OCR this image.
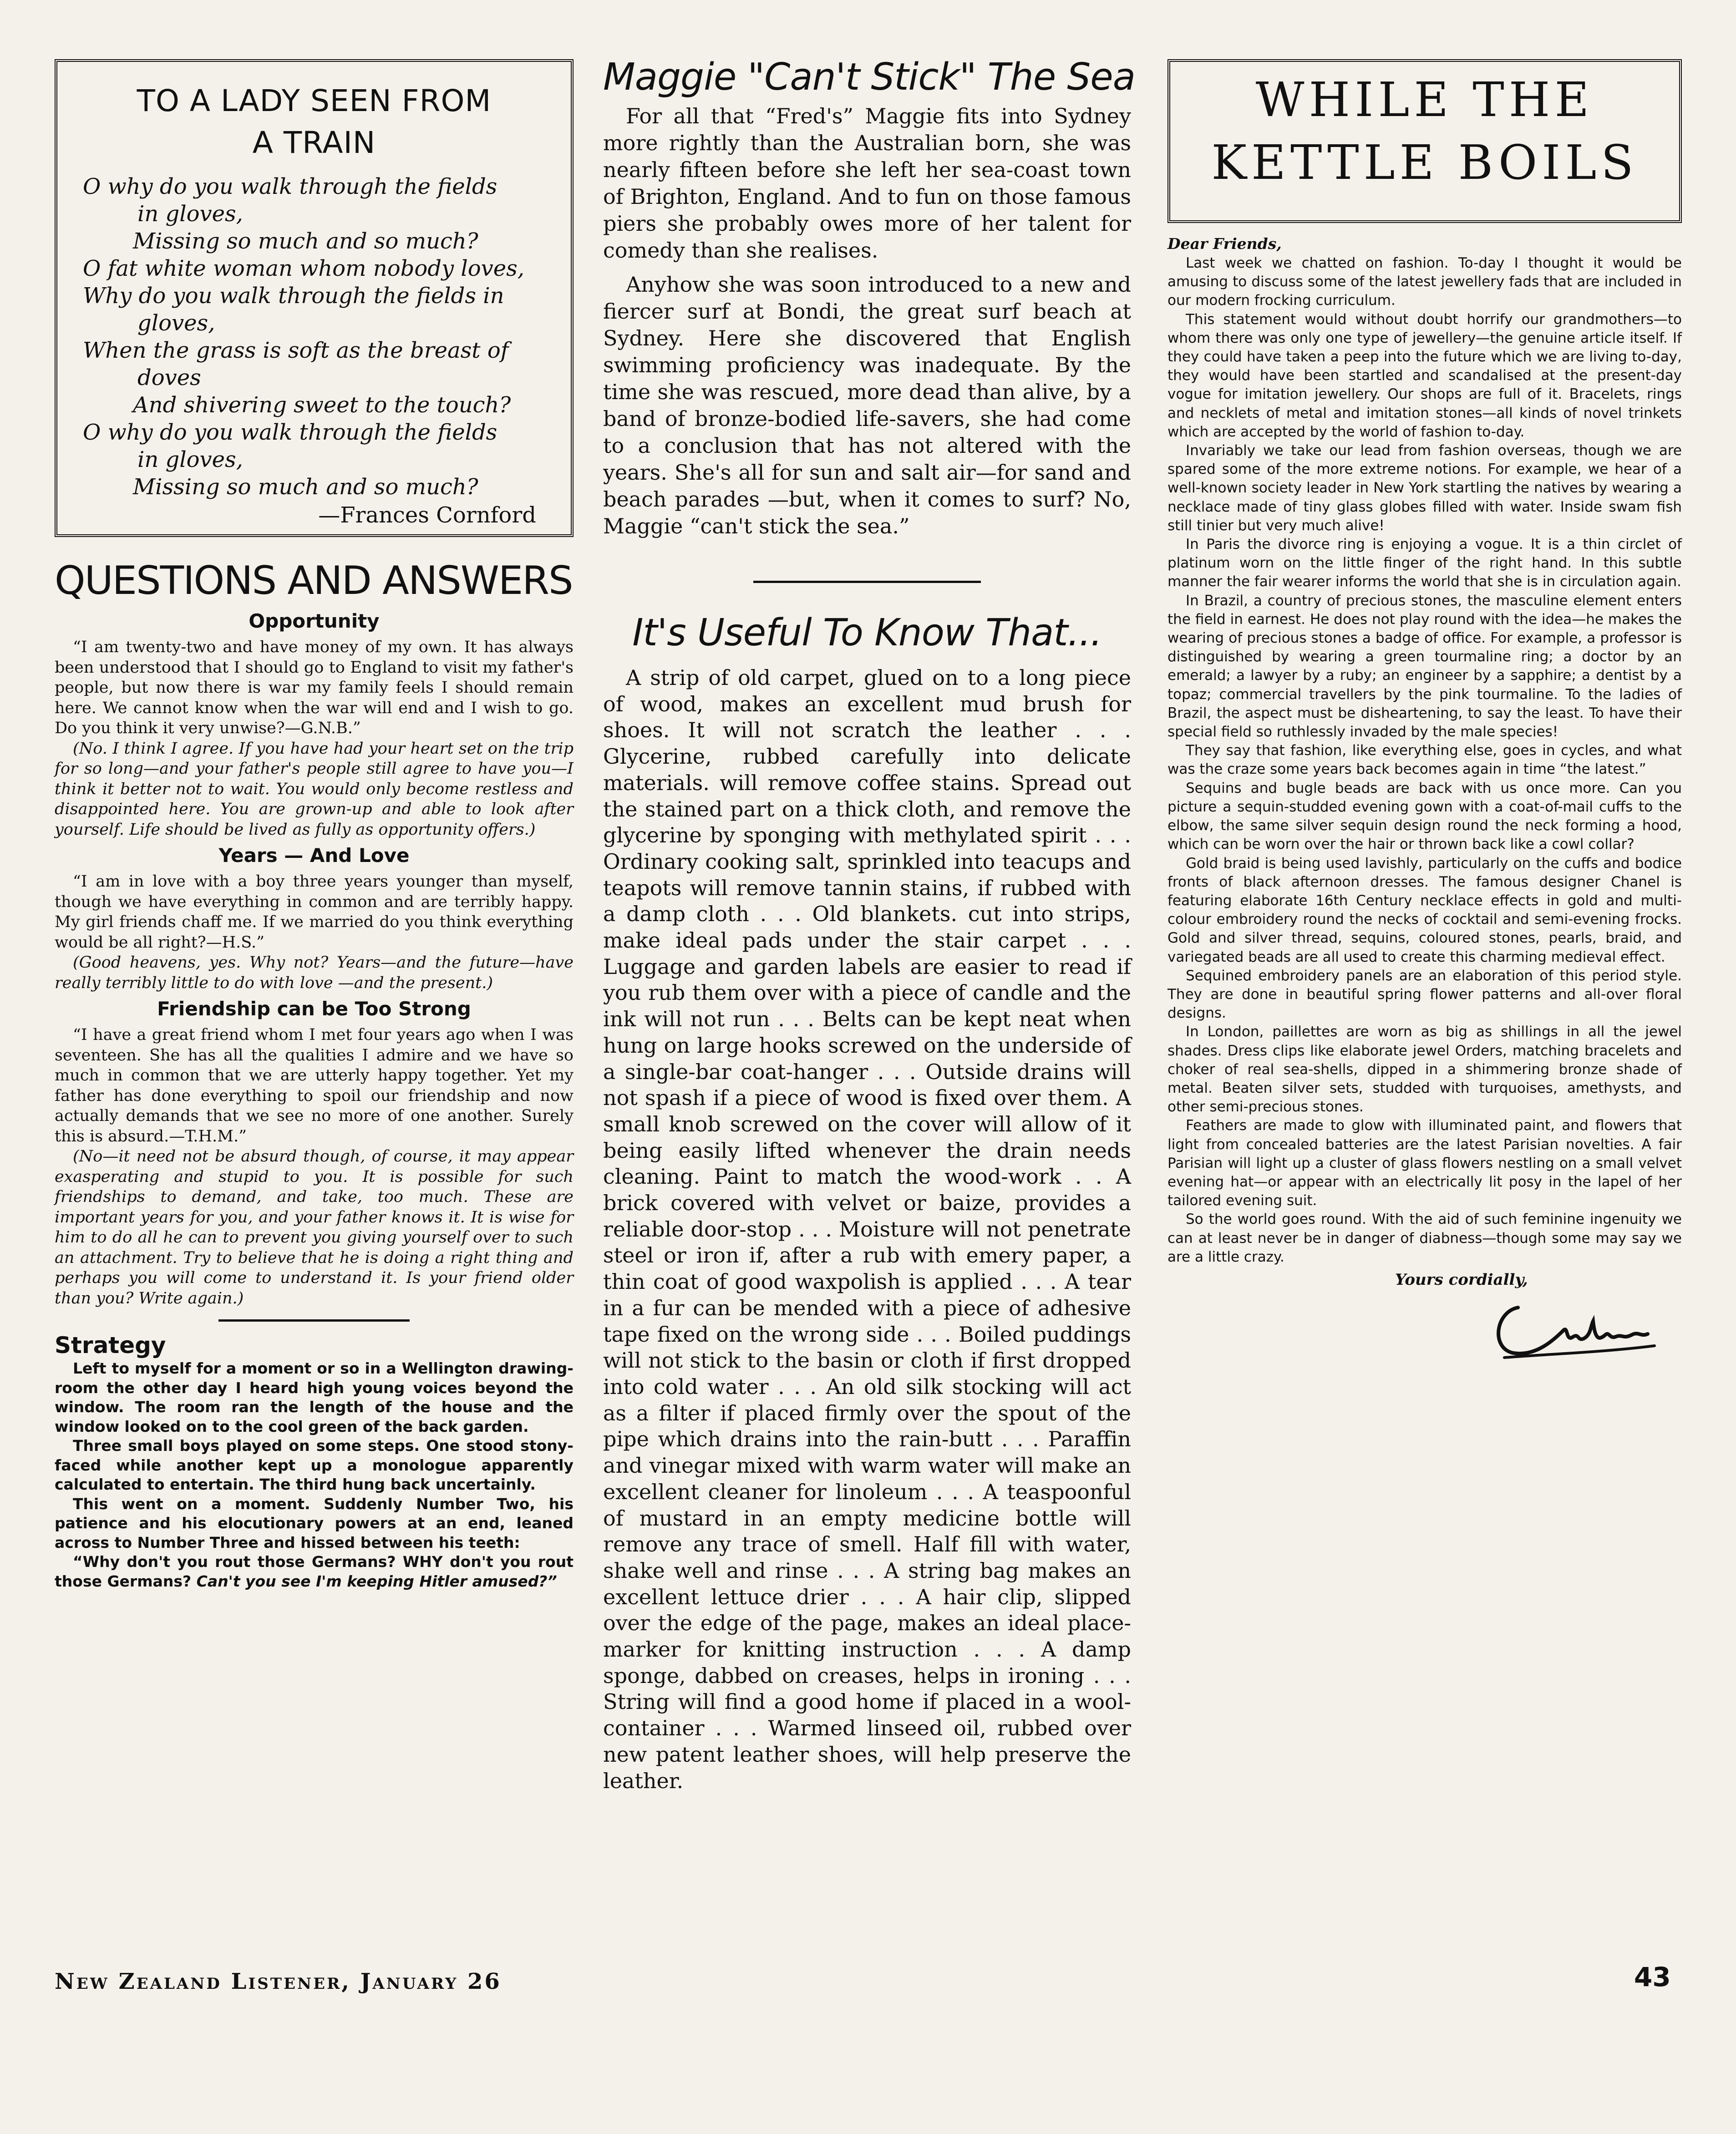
TO A LADY SEEN FROM
A TRAIN
O why do you walk through the fields
in gloves,
Missing so much and so much?
O fat white woman whom nobody loves,
Why do you walk through the fields in
gloves,
When the grass is soft as the breast of
doves
And shivering sweet to the touch?
O why do you walk through the fields
in gloves,
Missing so much and so much?
—Frances Cornford
QUESTIONS AND ANSWERS
Opportunity

“I am twenty-two and have money of my own. It has always been understood that I should go to England to visit my father's people, but now there is war my family feels I should remain here. We cannot know when the war will end and I wish to go. Do you think it very unwise?—G.N.B.”

(No. I think I agree. If you have had your heart set on the trip for so long—and your father's people still agree to have you—I think it better not to wait. You would only become restless and disappointed here. You are grown-up and able to look after yourself. Life should be lived as fully as opportunity offers.)

Years — And Love

“I am in love with a boy three years younger than myself, though we have everything in common and are terribly happy. My girl friends chaff me. If we married do you think everything would be all right?—H.S.”

(Good heavens, yes. Why not? Years—and the future—have really terribly little to do with love —and the present.)

Friendship can be Too Strong

“I have a great friend whom I met four years ago when I was seventeen. She has all the qualities I admire and we have so much in common that we are utterly happy together. Yet my father has done everything to spoil our friendship and now actually demands that we see no more of one another. Surely this is absurd.—T.H.M.”

(No—it need not be absurd though, of course, it may appear exasperating and stupid to you. It is possible for such friendships to demand, and take, too much. These are important years for you, and your father knows it. It is wise for him to do all he can to prevent you giving yourself over to such an attachment. Try to believe that he is doing a right thing and perhaps you will come to understand it. Is your friend older than you? Write again.)

Strategy

Left to myself for a moment or so in a Wellington drawing-room the other day I heard high young voices beyond the window. The room ran the length of the house and the window looked on to the cool green of the back garden.

Three small boys played on some steps. One stood stony-faced while another kept up a monologue apparently calculated to entertain. The third hung back uncertainly.

This went on a moment. Suddenly Number Two, his patience and his elocutionary powers at an end, leaned across to Number Three and hissed between his teeth:

“Why don't you rout those Germans? WHY don't you rout those Germans? Can't you see I'm keeping Hitler amused?”

Maggie "Can't Stick" The Sea

For all that “Fred's” Maggie fits into Sydney more rightly than the Australian born, she was nearly fifteen before she left her sea-coast town of Brighton, England. And to fun on those famous piers she probably owes more of her talent for comedy than she realises.

Anyhow she was soon introduced to a new and fiercer surf at Bondi, the great surf beach at Sydney. Here she discovered that English swimming proficiency was inadequate. By the time she was rescued, more dead than alive, by a band of bronze-bodied life-savers, she had come to a conclusion that has not altered with the years. She's all for sun and salt air—for sand and beach parades —but, when it comes to surf? No, Maggie “can't stick the sea.”

It's Useful To Know That...

A strip of old carpet, glued on to a long piece of wood, makes an excellent mud brush for shoes. It will not scratch the leather . . . Glycerine, rubbed carefully into delicate materials. will remove coffee stains. Spread out the stained part on a thick cloth, and remove the glycerine by sponging with methylated spirit . . . Ordinary cooking salt, sprinkled into teacups and teapots will remove tannin stains, if rubbed with a damp cloth . . . Old blankets. cut into strips, make ideal pads under the stair carpet . . . Luggage and garden labels are easier to read if you rub them over with a piece of candle and the ink will not run . . . Belts can be kept neat when hung on large hooks screwed on the underside of a single-bar coat-hanger . . . Outside drains will not spash if a piece of wood is fixed over them. A small knob screwed on the cover will allow of it being easily lifted whenever the drain needs cleaning. Paint to match the wood-work . . A brick covered with velvet or baize, provides a reliable door-stop . . . Moisture will not penetrate steel or iron if, after a rub with emery paper, a thin coat of good waxpolish is applied . . . A tear in a fur can be mended with a piece of adhesive tape fixed on the wrong side . . . Boiled puddings will not stick to the basin or cloth if first dropped into cold water . . . An old silk stocking will act as a filter if placed firmly over the spout of the pipe which drains into the rain-butt . . . Paraffin and vinegar mixed with warm water will make an excellent cleaner for linoleum . . . A teaspoonful of mustard in an empty medicine bottle will remove any trace of smell. Half fill with water, shake well and rinse . . . A string bag makes an excellent lettuce drier . . . A hair clip, slipped over the edge of the page, makes an ideal place-marker for knitting instruction . . . A damp sponge, dabbed on creases, helps in ironing . . . String will find a good home if placed in a wool-container . . . Warmed linseed oil, rubbed over new patent leather shoes, will help preserve the leather.

WHILE THE
KETTLE BOILS
Dear Friends,

Last week we chatted on fashion. To-day I thought it would be amusing to discuss some of the latest jewellery fads that are included in our modern frocking curriculum.

This statement would without doubt horrify our grandmothers—to whom there was only one type of jewellery—the genuine article itself. If they could have taken a peep into the future which we are living to-day, they would have been startled and scandalised at the present-day vogue for imitation jewellery. Our shops are full of it. Bracelets, rings and necklets of metal and imitation stones—all kinds of novel trinkets which are accepted by the world of fashion to-day.

Invariably we take our lead from fashion overseas, though we are spared some of the more extreme notions. For example, we hear of a well-known society leader in New York startling the natives by wearing a necklace made of tiny glass globes filled with water. Inside swam fish still tinier but very much alive!

In Paris the divorce ring is enjoying a vogue. It is a thin circlet of platinum worn on the little finger of the right hand. In this subtle manner the fair wearer informs the world that she is in circulation again.

In Brazil, a country of precious stones, the masculine element enters the field in earnest. He does not play round with the idea—he makes the wearing of precious stones a badge of office. For example, a professor is distinguished by wearing a green tourmaline ring; a doctor by an emerald; a lawyer by a ruby; an engineer by a sapphire; a dentist by a topaz; commercial travellers by the pink tourmaline. To the ladies of Brazil, the aspect must be disheartening, to say the least. To have their special field so ruthlessly invaded by the male species!

They say that fashion, like everything else, goes in cycles, and what was the craze some years back becomes again in time “the latest.”

Sequins and bugle beads are back with us once more. Can you picture a sequin-studded evening gown with a coat-of-mail cuffs to the elbow, the same silver sequin design round the neck forming a hood, which can be worn over the hair or thrown back like a cowl collar?

Gold braid is being used lavishly, particularly on the cuffs and bodice fronts of black afternoon dresses. The famous designer Chanel is featuring elaborate 16th Century necklace effects in gold and multi-colour embroidery round the necks of cocktail and semi-evening frocks. Gold and silver thread, sequins, coloured stones, pearls, braid, and variegated beads are all used to create this charming medieval effect.

Sequined embroidery panels are an elaboration of this period style. They are done in beautiful spring flower patterns and all-over floral designs.

In London, paillettes are worn as big as shillings in all the jewel shades. Dress clips like elaborate jewel Orders, matching bracelets and choker of real sea-shells, dipped in a shimmering bronze shade of metal. Beaten silver sets, studded with turquoises, amethysts, and other semi-precious stones.

Feathers are made to glow with illuminated paint, and flowers that light from concealed batteries are the latest Parisian novelties. A fair Parisian will light up a cluster of glass flowers nestling on a small velvet evening hat—or appear with an electrically lit posy in the lapel of her tailored evening suit.

So the world goes round. With the aid of such feminine ingenuity we can at least never be in danger of diabness—though some may say we are a little crazy.

Yours cordially,
New Zealand Listener, January 26	43
